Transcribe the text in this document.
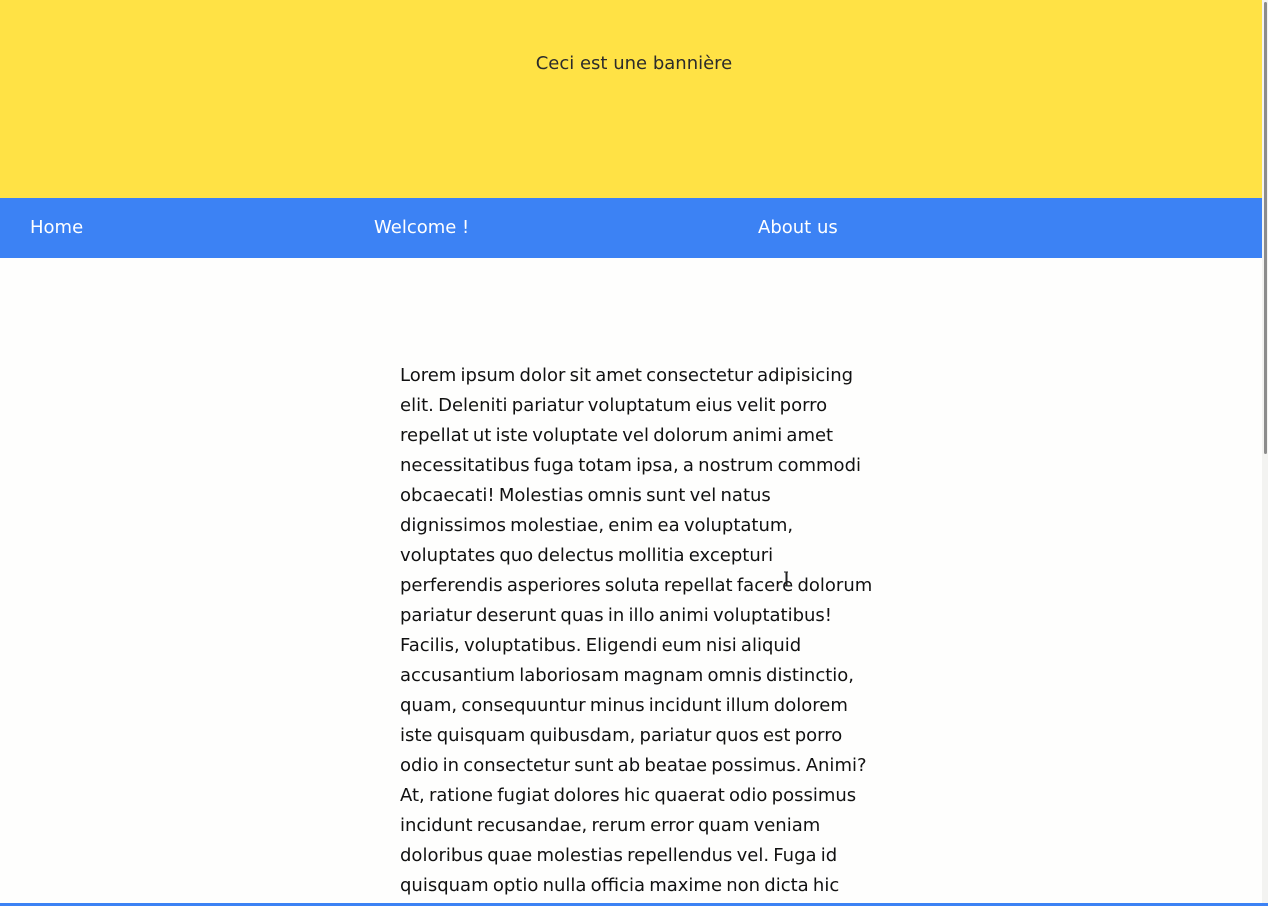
Ceci est une bannière
Home	Welcome !	About us
Lorem ipsum dolor sit amet consectetur adipisicing
elit. Deleniti pariatur voluptatum eius velit porro
repellat ut iste voluptate vel dolorum animi amet
necessitatibus fuga totam ipsa, a nostrum commodi
obcaecati! Molestias omnis sunt vel natus
dignissimos molestiae, enim ea voluptatum,
voluptates quo delectus mollitia excepturi
perferendis asperiores soluta repellat facere dolorum
pariatur deserunt quas in illo animi voluptatibus!
Facilis, voluptatibus. Eligendi eum nisi aliquid
accusantium laboriosam magnam omnis distinctio,
quam, consequuntur minus incidunt illum dolorem
iste quisquam quibusdam, pariatur quos est porro
odio in consectetur sunt ab beatae possimus. Animi?
At, ratione fugiat dolores hic quaerat odio possimus
incidunt recusandae, rerum error quam veniam
doloribus quae molestias repellendus vel. Fuga id
quisquam optio nulla officia maxime non dicta hic
